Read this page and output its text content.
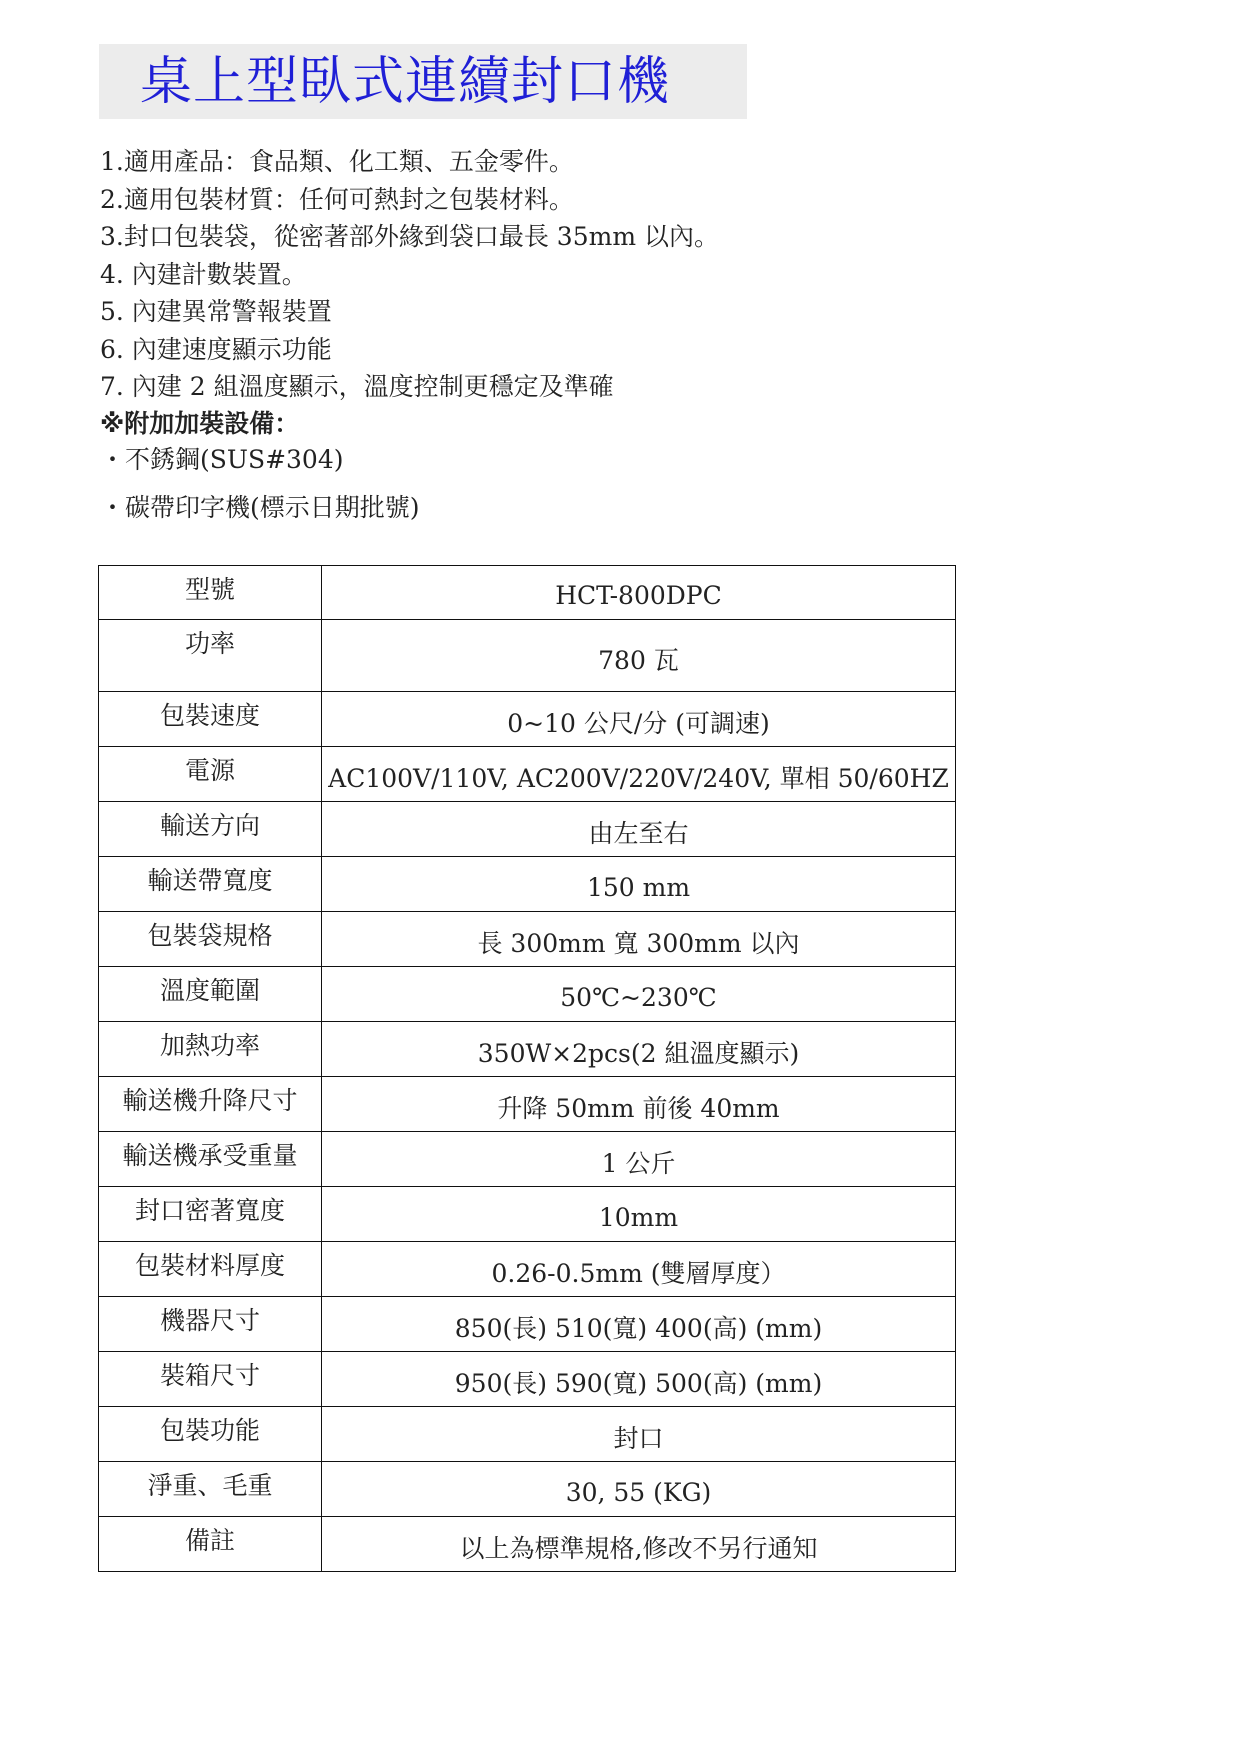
桌上型臥式連續封口機
1.適用產品：食品類、化工類、五金零件。
2.適用包裝材質：任何可熱封之包裝材料。
3.封口包裝袋，從密著部外緣到袋口最長 35mm 以內。
4. 內建計數裝置。
5. 內建異常警報裝置
6. 內建速度顯示功能
7. 內建 2 組溫度顯示，溫度控制更穩定及準確
※附加加裝設備：
・不銹鋼(SUS#304)
・碳帶印字機(標示日期批號)
型號	HCT-800DPC
功率	780 瓦
包裝速度	0~10 公尺/分 (可調速)
電源	AC100V/110V, AC200V/220V/240V, 單相 50/60HZ
輸送方向	由左至右
輸送帶寬度	150 mm
包裝袋規格	長 300mm 寬 300mm 以內
溫度範圍	50℃~230℃
加熱功率	350W×2pcs(2 組溫度顯示)
輸送機升降尺寸	升降 50mm 前後 40mm
輸送機承受重量	1 公斤
封口密著寬度	10mm
包裝材料厚度	0.26-0.5mm (雙層厚度）
機器尺寸	850(長) 510(寬) 400(高) (mm)
裝箱尺寸	950(長) 590(寬) 500(高) (mm)
包裝功能	封口
淨重、毛重	30, 55 (KG)
備註	以上為標準規格,修改不另行通知
